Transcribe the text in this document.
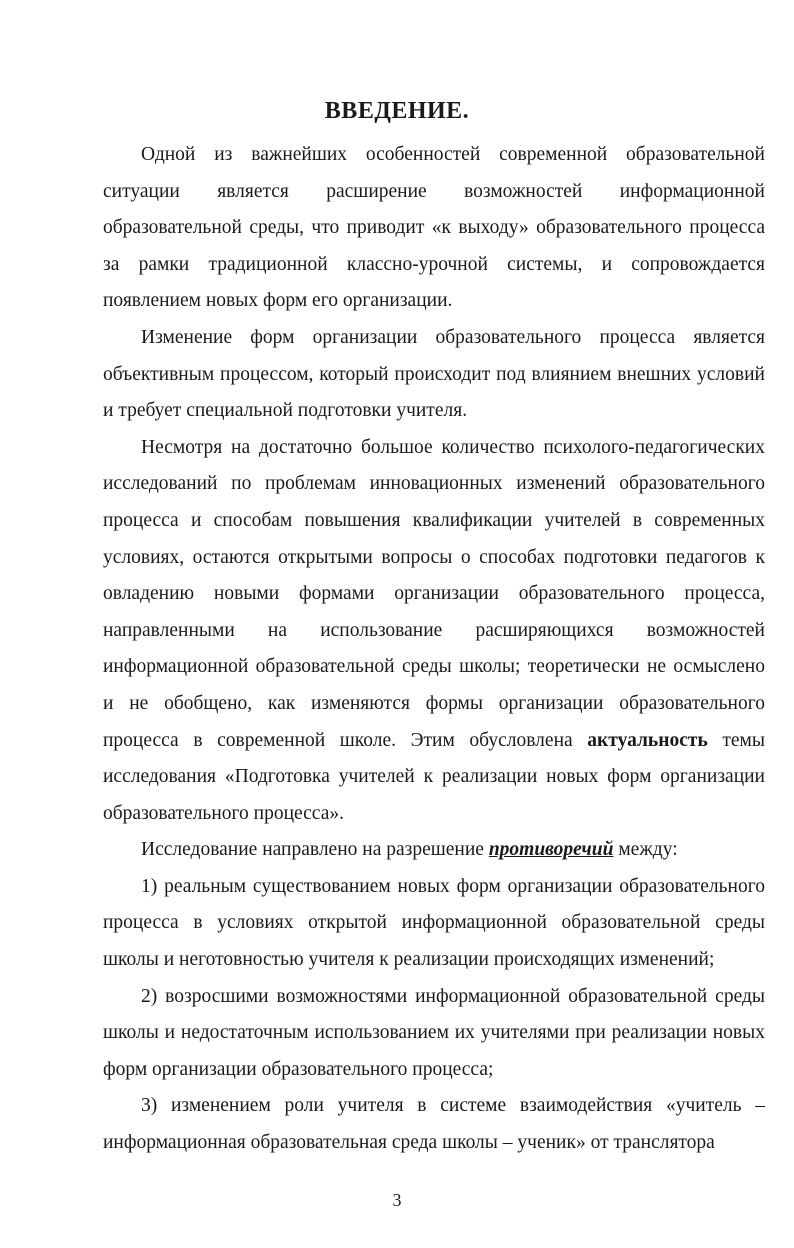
ВВЕДЕНИЕ.

Одной из важнейших особенностей современной образовательной ситуации является расширение возможностей информационной образовательной среды, что приводит «к выходу» образовательного процесса за рамки традиционной классно-урочной системы, и сопровождается появлением новых форм его организации.

Изменение форм организации образовательного процесса является объективным процессом, который происходит под влиянием внешних условий и требует специальной подготовки учителя.

Несмотря на достаточно большое количество психолого-педагогических исследований по проблемам инновационных изменений образовательного процесса и способам повышения квалификации учителей в современных условиях, остаются открытыми вопросы о способах подготовки педагогов к овладению новыми формами организации образовательного процесса, направленными на использование расширяющихся возможностей информационной образовательной среды школы; теоретически не осмыслено и не обобщено, как изменяются формы организации образовательного процесса в современной школе. Этим обусловлена актуальность темы исследования «Подготовка учителей к реализации новых форм организации образовательного процесса».

Исследование направлено на разрешение противоречий между:

1) реальным существованием новых форм организации образовательного процесса в условиях открытой информационной образовательной среды школы и неготовностью учителя к реализации происходящих изменений;

2) возросшими возможностями информационной образовательной среды школы и недостаточным использованием их учителями при реализации новых форм организации образовательного процесса;

3) изменением роли учителя в системе взаимодействия «учитель – информационная образовательная среда школы – ученик» от транслятора

3
